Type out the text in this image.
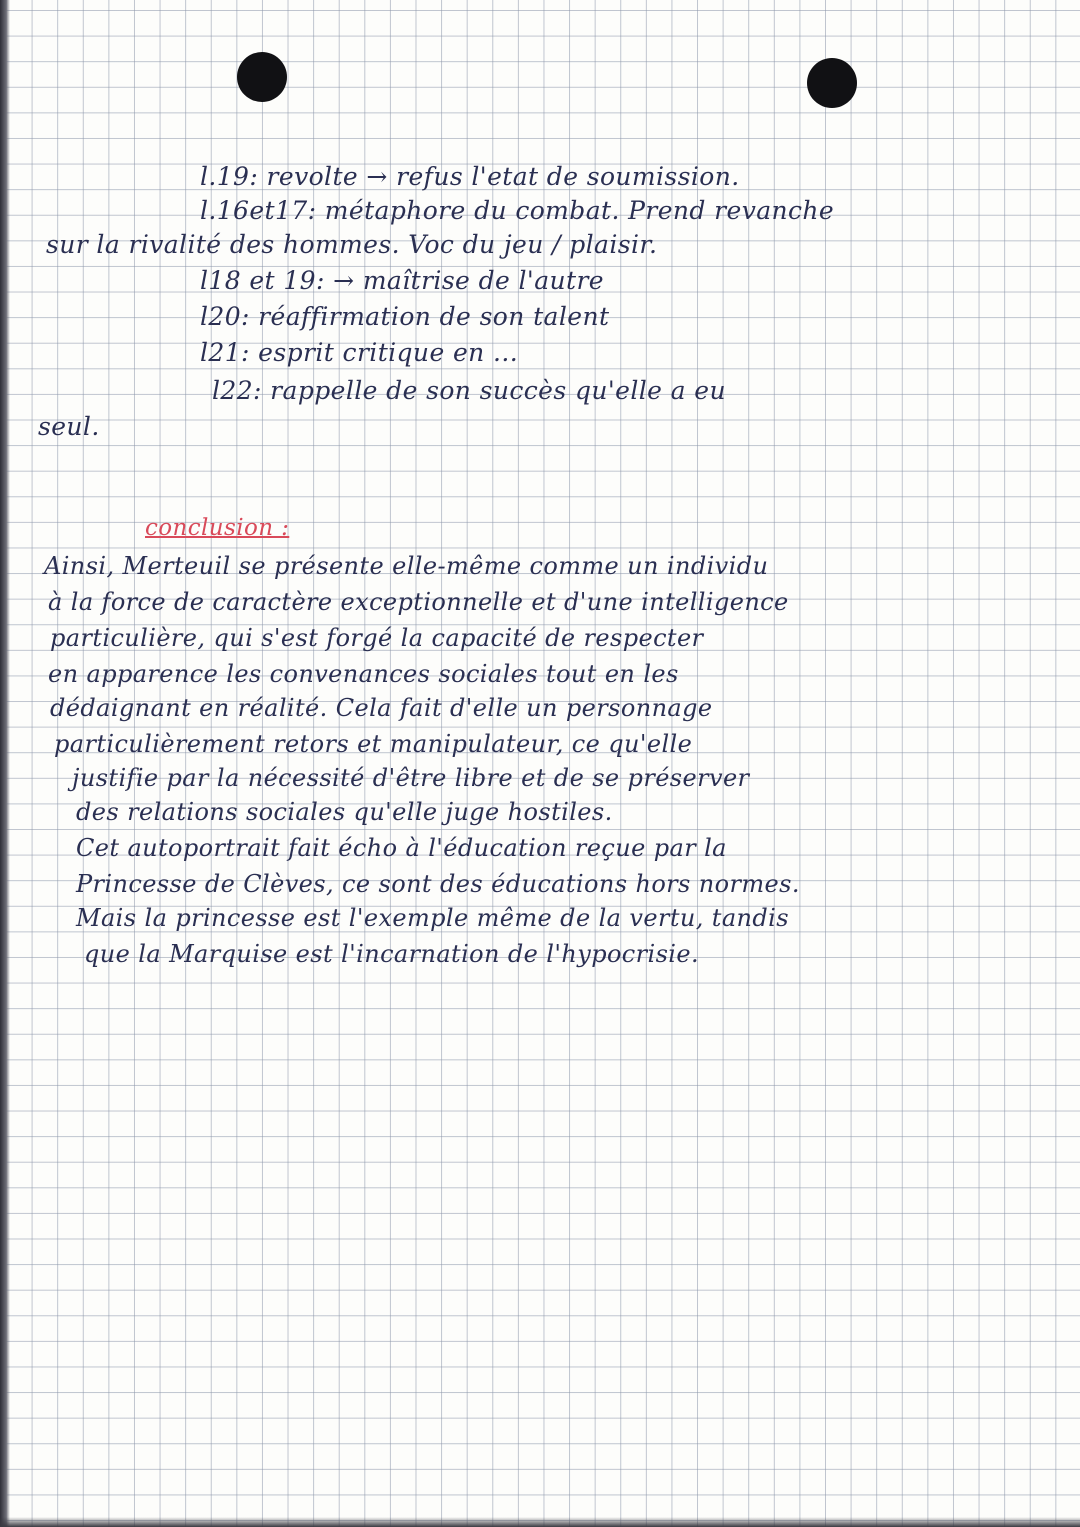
l.19: revolte → refus l'etat de soumission.
l.16et17: métaphore du combat. Prend revanche
sur la rivalité des hommes. Voc du jeu / plaisir.
l18 et 19: → maîtrise de l'autre
l20: réaffirmation de son talent
l21: esprit critique en ...
l22: rappelle de son succès qu'elle a eu
seul.
conclusion :
Ainsi, Merteuil se présente elle-même comme un individu
à la force de caractère exceptionnelle et d'une intelligence
particulière, qui s'est forgé la capacité de respecter
en apparence les convenances sociales tout en les
dédaignant en réalité. Cela fait d'elle un personnage
particulièrement retors et manipulateur, ce qu'elle
justifie par la nécessité d'être libre et de se préserver
des relations sociales qu'elle juge hostiles.
Cet autoportrait fait écho à l'éducation reçue par la
Princesse de Clèves, ce sont des éducations hors normes.
Mais la princesse est l'exemple même de la vertu, tandis
que la Marquise est l'incarnation de l'hypocrisie.
